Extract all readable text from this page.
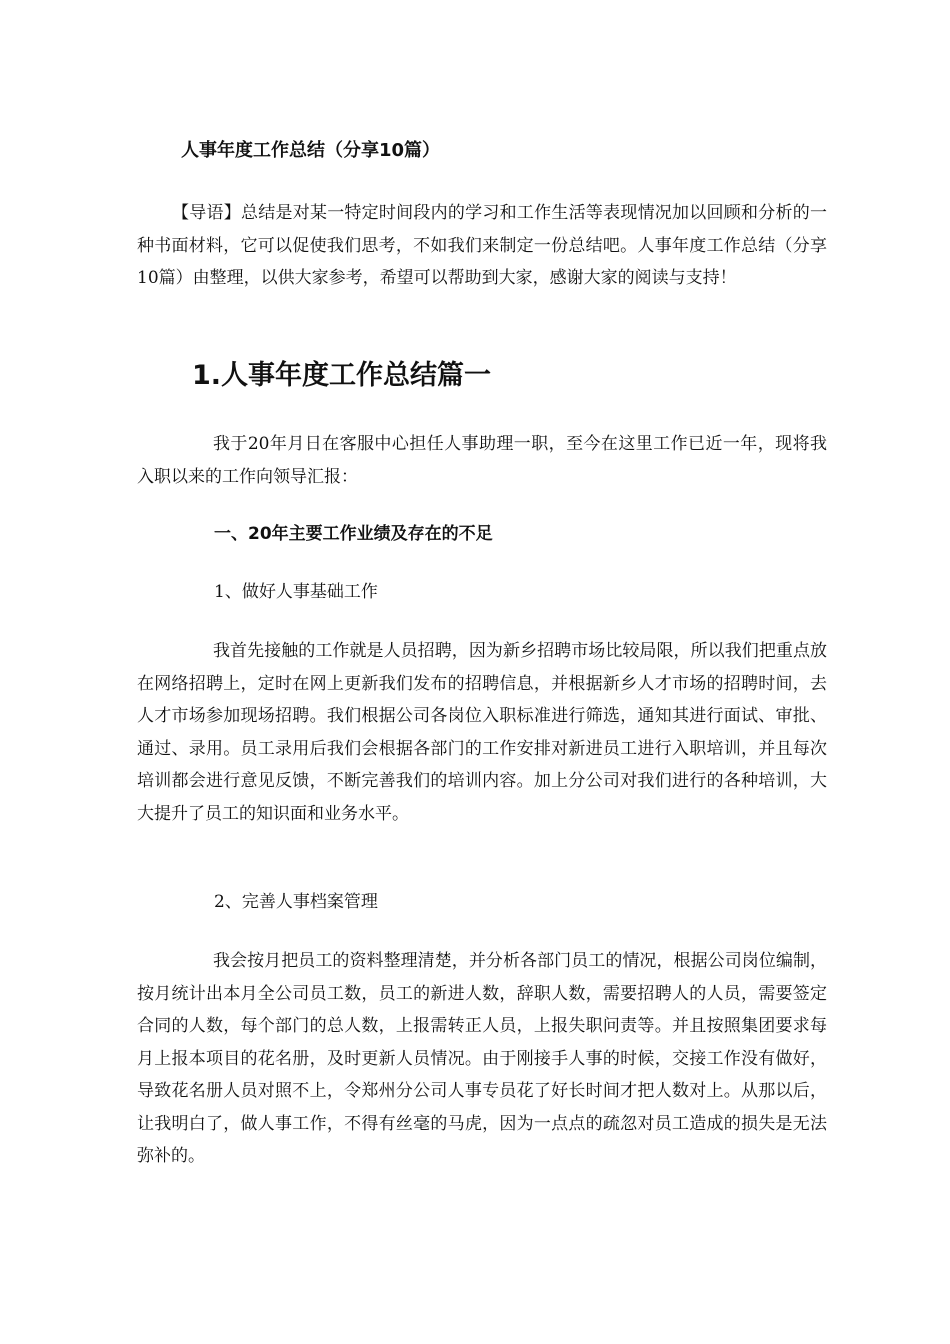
人事年度工作总结（分享10篇）

【导语】总结是对某一特定时间段内的学习和工作生活等表现情况加以回顾和分析的一种书面材料，它可以促使我们思考，不如我们来制定一份总结吧。人事年度工作总结（分享10篇）由整理，以供大家参考，希望可以帮助到大家，感谢大家的阅读与支持！

1.人事年度工作总结篇一

我于20年月日在客服中心担任人事助理一职，至今在这里工作已近一年，现将我入职以来的工作向领导汇报：

一、20年主要工作业绩及存在的不足
1、做好人事基础工作

我首先接触的工作就是人员招聘，因为新乡招聘市场比较局限，所以我们把重点放在网络招聘上，定时在网上更新我们发布的招聘信息，并根据新乡人才市场的招聘时间，去人才市场参加现场招聘。我们根据公司各岗位入职标准进行筛选，通知其进行面试、审批、通过、录用。员工录用后我们会根据各部门的工作安排对新进员工进行入职培训，并且每次培训都会进行意见反馈，不断完善我们的培训内容。加上分公司对我们进行的各种培训，大大提升了员工的知识面和业务水平。

2、完善人事档案管理

我会按月把员工的资料整理清楚，并分析各部门员工的情况，根据公司岗位编制，按月统计出本月全公司员工数，员工的新进人数，辞职人数，需要招聘人的人员，需要签定合同的人数，每个部门的总人数，上报需转正人员，上报失职问责等。并且按照集团要求每月上报本项目的花名册，及时更新人员情况。由于刚接手人事的时候，交接工作没有做好，导致花名册人员对照不上，令郑州分公司人事专员花了好长时间才把人数对上。从那以后，让我明白了，做人事工作，不得有丝毫的马虎，因为一点点的疏忽对员工造成的损失是无法弥补的。
